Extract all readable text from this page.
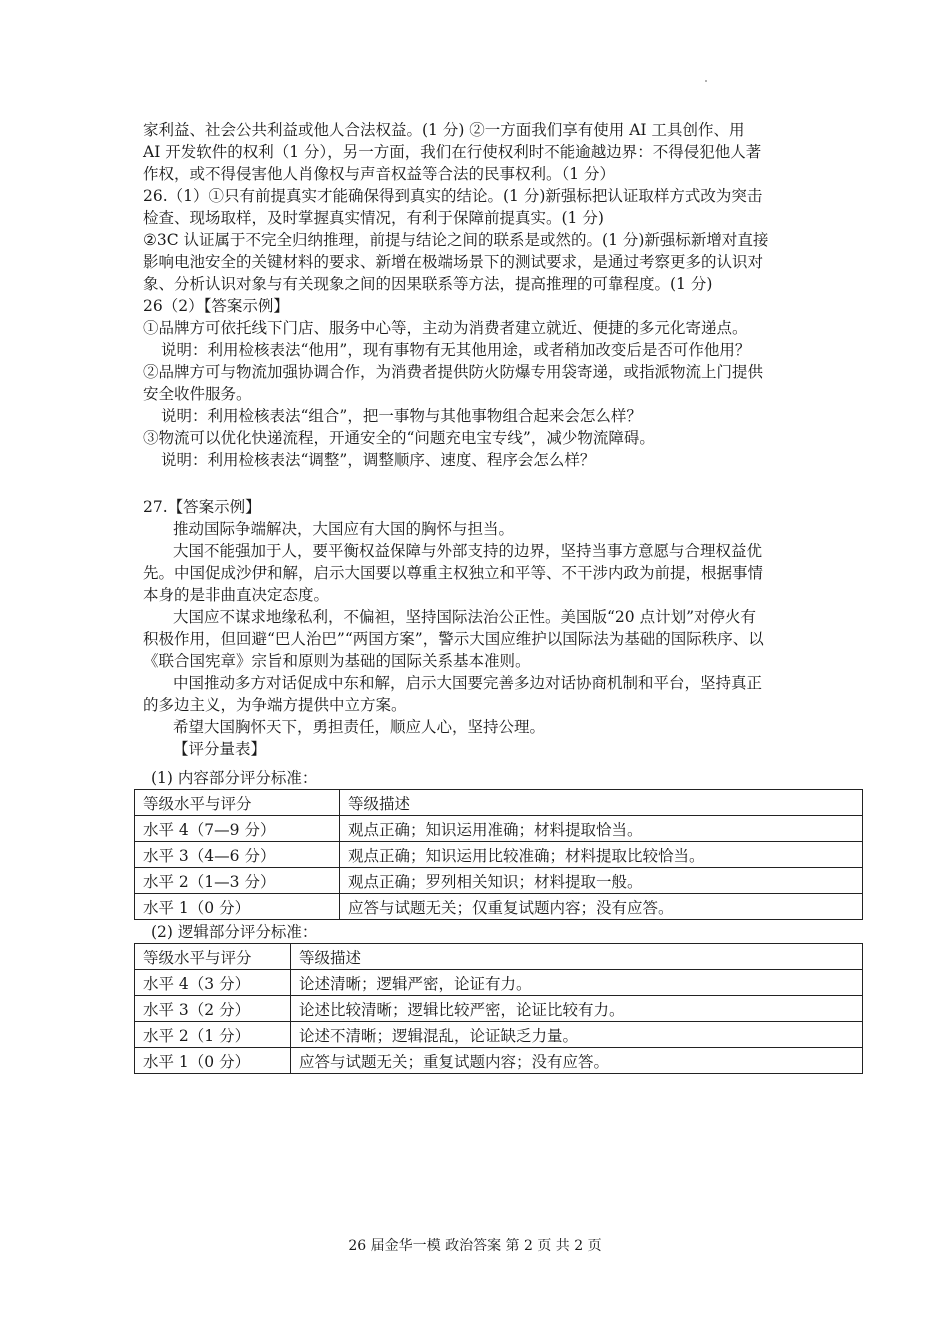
家利益、社会公共利益或他人合法权益。(1 分) ②一方面我们享有使用 AI 工具创作、用
AI 开发软件的权利（1 分），另一方面，我们在行使权利时不能逾越边界：不得侵犯他人著
作权，或不得侵害他人肖像权与声音权益等合法的民事权利。（1 分）
26.（1）①只有前提真实才能确保得到真实的结论。(1 分)新强标把认证取样方式改为突击
检查、现场取样，及时掌握真实情况，有利于保障前提真实。(1 分)
②3C 认证属于不完全归纳推理，前提与结论之间的联系是或然的。(1 分)新强标新增对直接
影响电池安全的关键材料的要求、新增在极端场景下的测试要求，是通过考察更多的认识对
象、分析认识对象与有关现象之间的因果联系等方法，提高推理的可靠程度。(1 分)
26（2）【答案示例】
①品牌方可依托线下门店、服务中心等，主动为消费者建立就近、便捷的多元化寄递点。
说明：利用检核表法“他用”，现有事物有无其他用途，或者稍加改变后是否可作他用？
②品牌方可与物流加强协调合作，为消费者提供防火防爆专用袋寄递，或指派物流上门提供
安全收件服务。
说明：利用检核表法“组合”，把一事物与其他事物组合起来会怎么样？
③物流可以优化快递流程，开通安全的“问题充电宝专线”，减少物流障碍。
说明：利用检核表法“调整”，调整顺序、速度、程序会怎么样？
27.【答案示例】
推动国际争端解决，大国应有大国的胸怀与担当。
大国不能强加于人，要平衡权益保障与外部支持的边界，坚持当事方意愿与合理权益优
先。中国促成沙伊和解，启示大国要以尊重主权独立和平等、不干涉内政为前提，根据事情
本身的是非曲直决定态度。
大国应不谋求地缘私利，不偏袒，坚持国际法治公正性。美国版“20 点计划”对停火有
积极作用，但回避“巴人治巴”“两国方案”，警示大国应维护以国际法为基础的国际秩序、以
《联合国宪章》宗旨和原则为基础的国际关系基本准则。
中国推动多方对话促成中东和解，启示大国要完善多边对话协商机制和平台，坚持真正
的多边主义，为争端方提供中立方案。
希望大国胸怀天下，勇担责任，顺应人心，坚持公理。
【评分量表】
(1) 内容部分评分标准：
等级水平与评分	等级描述
水平 4（7—9 分）	观点正确；知识运用准确；材料提取恰当。
水平 3（4—6 分）	观点正确；知识运用比较准确；材料提取比较恰当。
水平 2（1—3 分）	观点正确；罗列相关知识；材料提取一般。
水平 1（0 分）	应答与试题无关；仅重复试题内容；没有应答。
(2) 逻辑部分评分标准：
等级水平与评分	等级描述
水平 4（3 分）	论述清晰；逻辑严密，论证有力。
水平 3（2 分）	论述比较清晰；逻辑比较严密，论证比较有力。
水平 2（1 分）	论述不清晰；逻辑混乱，论证缺乏力量。
水平 1（0 分）	应答与试题无关；重复试题内容；没有应答。
26 届金华一模 政治答案 第 2 页 共 2 页
